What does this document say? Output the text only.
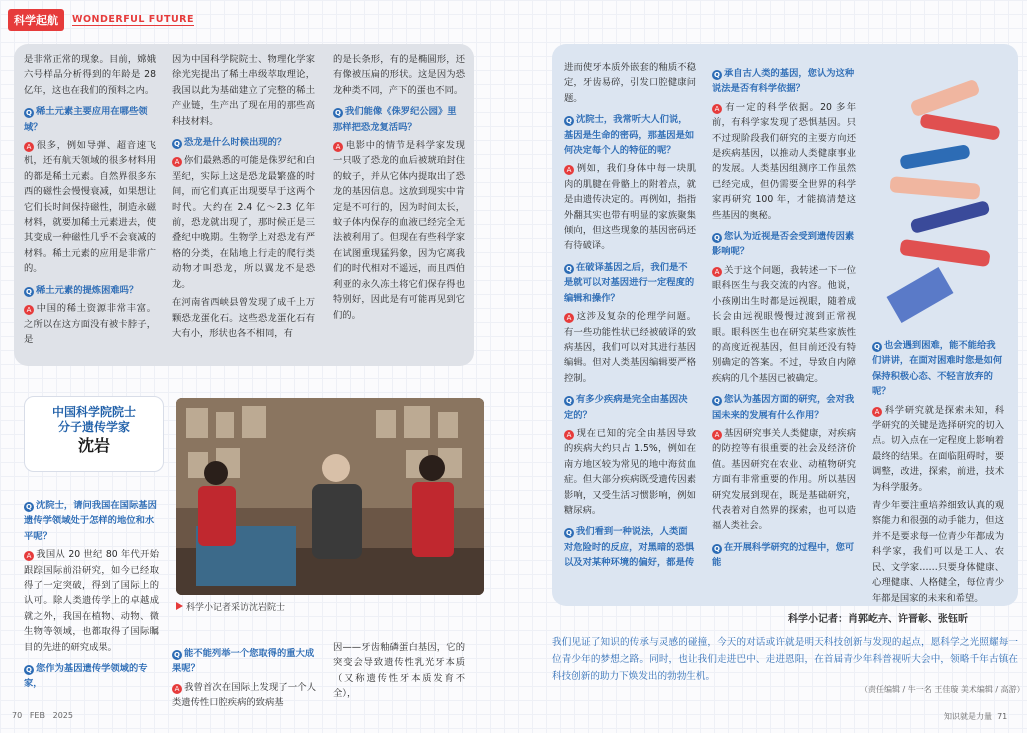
科学起航	WONDERFUL FUTURE
是非常正常的现象。目前，嫦娥六号样品分析得到的年龄是 28 亿年，这也在我们的预料之内。
Q 稀土元素主要应用在哪些领域？
A 很多，例如导弹、超音速飞机，还有航天领域的很多材料用的都是稀土元素。自然界很多东西的磁性会慢慢衰减，如果想让它们长时间保持磁性，制造永磁材料，就要加稀土元素进去，使其变成一种磁性几乎不会衰减的材料。稀土元素的应用是非常广的。
Q 稀土元素的提炼困难吗？
A 中国的稀土资源非常丰富。之所以在这方面没有被卡脖子，是
因为中国科学院院士、物理化学家徐光宪提出了稀土串级萃取理论，我国以此为基础建立了完整的稀土产业链，生产出了现在用的那些高科技材料。
Q 恐龙是什么时候出现的？
A 你们最熟悉的可能是侏罗纪和白垩纪，实际上这是恐龙最繁盛的时间，而它们真正出现要早于这两个时代。大约在 2.4 亿～2.3 亿年前，恐龙就出现了，那时候正是三叠纪中晚期。生物学上对恐龙有严格的分类，在陆地上行走的爬行类动物才叫恐龙，所以翼龙不是恐龙。
在河南省西峡县曾发现了成千上万颗恐龙蛋化石。这些恐龙蛋化石有大有小，形状也各不相同，有
的是长条形，有的是椭圆形，还有像被压扁的形状。这是因为恐龙种类不同，产下的蛋也不同。
Q 我们能像《侏罗纪公园》里那样把恐龙复活吗？
A 电影中的情节是科学家发现一只吸了恐龙的血后被琥珀封住的蚊子，并从它体内提取出了恐龙的基因信息。这放到现实中肯定是不可行的，因为时间太长，蚊子体内保存的血液已经完全无法被利用了。但现在有些科学家在试图重现猛犸象，因为它离我们的时代相对不遥远，而且西伯利亚的永久冻土将它们保存得也特别好，因此是有可能再见到它们的。
中国科学院院士
分子遗传学家
沈岩
科学小记者采访沈岩院士
Q 沈院士，请问我国在国际基因遗传学领域处于怎样的地位和水平呢？
A 我国从 20 世纪 80 年代开始跟踪国际前沿研究，如今已经取得了一定突破，得到了国际上的认可。除人类遗传学上的卓越成就之外，我国在植物、动物、微生物等领域，也都取得了国际瞩目的先进的研究成果。
Q 您作为基因遗传学领域的专家，
Q 能不能列举一个您取得的重大成果呢？
A 我曾首次在国际上发现了一个人类遗传性口腔疾病的致病基
因——牙齿釉磷蛋白基因，它的突变会导致遗传性乳光牙本质（又称遗传性牙本质发育不全），
进而使牙本质外嵌套的釉质不稳定，牙齿易碎，引发口腔健康问题。
Q 沈院士，我常听大人们说，基因是生命的密码，那基因是如何决定每个人的特征的呢？
A 例如，我们身体中每一块肌肉的肌腱在骨骼上的附着点，就是由遗传决定的。再例如，指指外翻其实也带有明显的家族聚集倾向，但这些现象的基因密码还有待破译。
Q 在破译基因之后，我们是不是就可以对基因进行一定程度的编辑和操作？
A 这涉及复杂的伦理学问题。有一些功能性状已经被破译的致病基因，我们可以对其进行基因编辑。但对人类基因编辑要严格控制。
Q 有多少疾病是完全由基因决定的？
A 现在已知的完全由基因导致的疾病大约只占 1.5%，例如在南方地区较为常见的地中海贫血症。但大部分疾病既受遗传因素影响，又受生活习惯影响，例如糖尿病。
Q 我们看到一种说法，人类面对危险时的反应，对黑暗的恐惧以及对某种环境的偏好，都是传
Q 承自古人类的基因，您认为这种说法是否有科学依据？
A 有一定的科学依据。20 多年前，有科学家发现了恐惧基因。只不过现阶段我们研究的主要方向还是疾病基因，以推动人类健康事业的发展。人类基因组测序工作虽然已经完成，但仍需要全世界的科学家再研究 100 年，才能搞清楚这些基因的奥秘。
Q 您认为近视是否会受到遗传因素影响呢？
A 关于这个问题，我转述一下一位眼科医生与我交流的内容。他说，小孩刚出生时都是远视眼，随着成长会由远视眼慢慢过渡到正常视眼。眼科医生也在研究某些家族性的高度近视基因，但目前还没有特别确定的答案。不过，导致自内障疾病的几个基因已被确定。
Q 您认为基因方面的研究，会对我国未来的发展有什么作用？
A 基因研究事关人类健康，对疾病的防控等有很重要的社会及经济价值。基因研究在农业、动植物研究方面有非常重要的作用。所以基因研究发展到现在，既是基础研究，代表着对自然界的探索，也可以造福人类社会。
Q 在开展科学研究的过程中，您可能
Q 也会遇到困难，能不能给我们讲讲，在面对困难时您是如何保持积极心态、不轻言放弃的呢？
A 科学研究就是探索未知，科学研究的关键是选择研究的切入点。切入点在一定程度上影响着最终的结果。在面临阻碍时，要调整，改进，探索，前进，技术为科学服务。
青少年要注重培养细致认真的观察能力和很强的动手能力，但这并不是要求每一位青少年都成为科学家，我们可以是工人、农民、文学家……只要身体健康、心理健康、人格健全，每位青少年都是国家的未来和希望。
科学小记者：肖郭屹卉、许晋彰、张钰昕
我们见证了知识的传承与灵感的碰撞，今天的对话或许就是明天科技创新与发现的起点，愿科学之光照耀每一位青少年的梦想之路。同时，也让我们走进巴中、走进恩阳，在首届青少年科普视听大会中，领略千年古镇在科技创新的助力下焕发出的勃勃生机。
（责任编辑 / 牛一名 王佳璇 美术编辑 / 高游）
70 FEB 2025	知识就是力量 71
